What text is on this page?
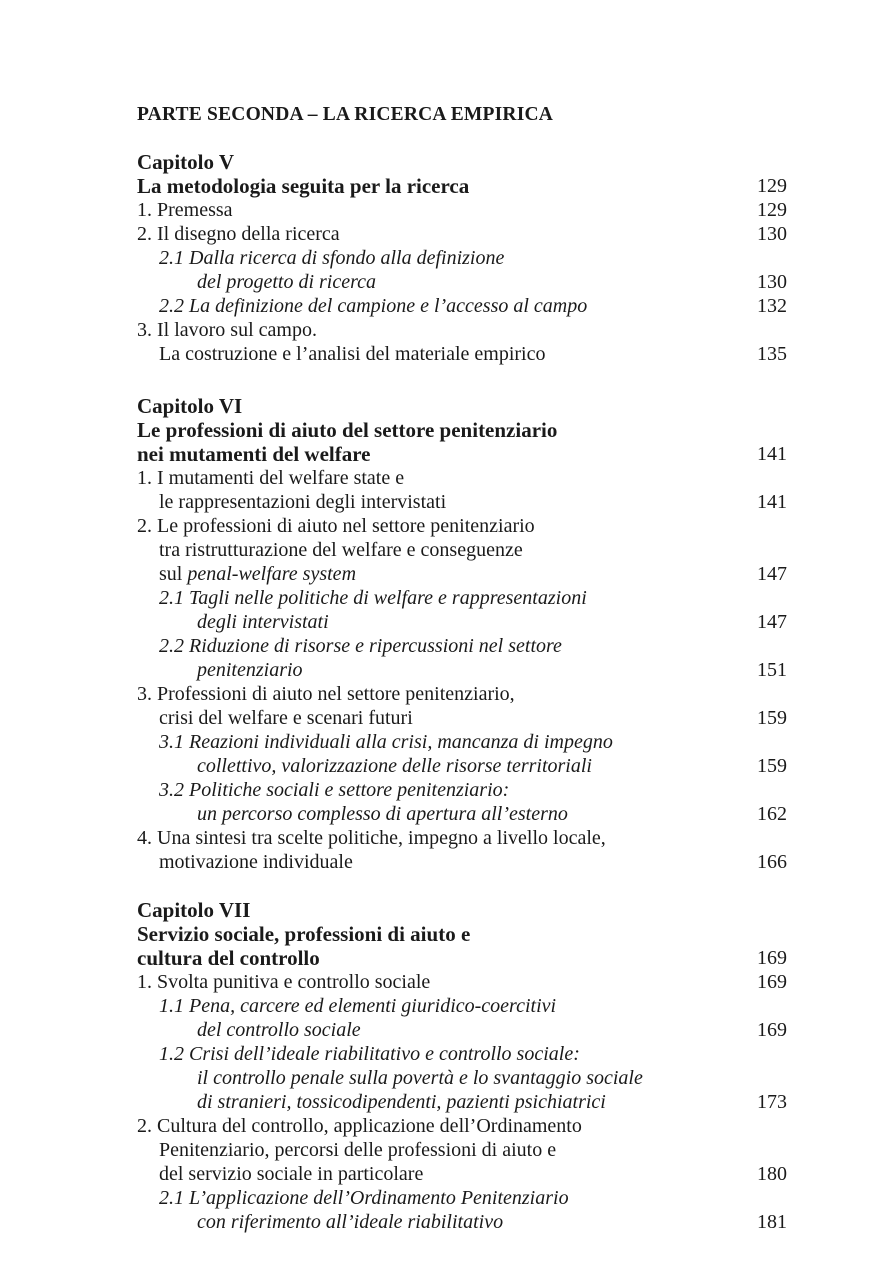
PARTE SECONDA – LA RICERCA EMPIRICA
Capitolo V
La metodologia seguita per la ricerca	129
1. Premessa	129
2. Il disegno della ricerca	130
2.1 Dalla ricerca di sfondo alla definizione
del progetto di ricerca	130
2.2 La definizione del campione e l’accesso al campo	132
3. Il lavoro sul campo.
La costruzione e l’analisi del materiale empirico	135
Capitolo VI
Le professioni di aiuto del settore penitenziario
nei mutamenti del welfare	141
1. I mutamenti del welfare state e
le rappresentazioni degli intervistati	141
2. Le professioni di aiuto nel settore penitenziario
tra ristrutturazione del welfare e conseguenze
sul penal-welfare system	147
2.1 Tagli nelle politiche di welfare e rappresentazioni
degli intervistati	147
2.2 Riduzione di risorse e ripercussioni nel settore
penitenziario	151
3. Professioni di aiuto nel settore penitenziario,
crisi del welfare e scenari futuri	159
3.1 Reazioni individuali alla crisi, mancanza di impegno
collettivo, valorizzazione delle risorse territoriali	159
3.2 Politiche sociali e settore penitenziario:
un percorso complesso di apertura all’esterno	162
4. Una sintesi tra scelte politiche, impegno a livello locale,
motivazione individuale	166
Capitolo VII
Servizio sociale, professioni di aiuto e
cultura del controllo	169
1. Svolta punitiva e controllo sociale	169
1.1 Pena, carcere ed elementi giuridico-coercitivi
del controllo sociale	169
1.2 Crisi dell’ideale riabilitativo e controllo sociale:
il controllo penale sulla povertà e lo svantaggio sociale
di stranieri, tossicodipendenti, pazienti psichiatrici	173
2. Cultura del controllo, applicazione dell’Ordinamento
Penitenziario, percorsi delle professioni di aiuto e
del servizio sociale in particolare	180
2.1 L’applicazione dell’Ordinamento Penitenziario
con riferimento all’ideale riabilitativo	181
